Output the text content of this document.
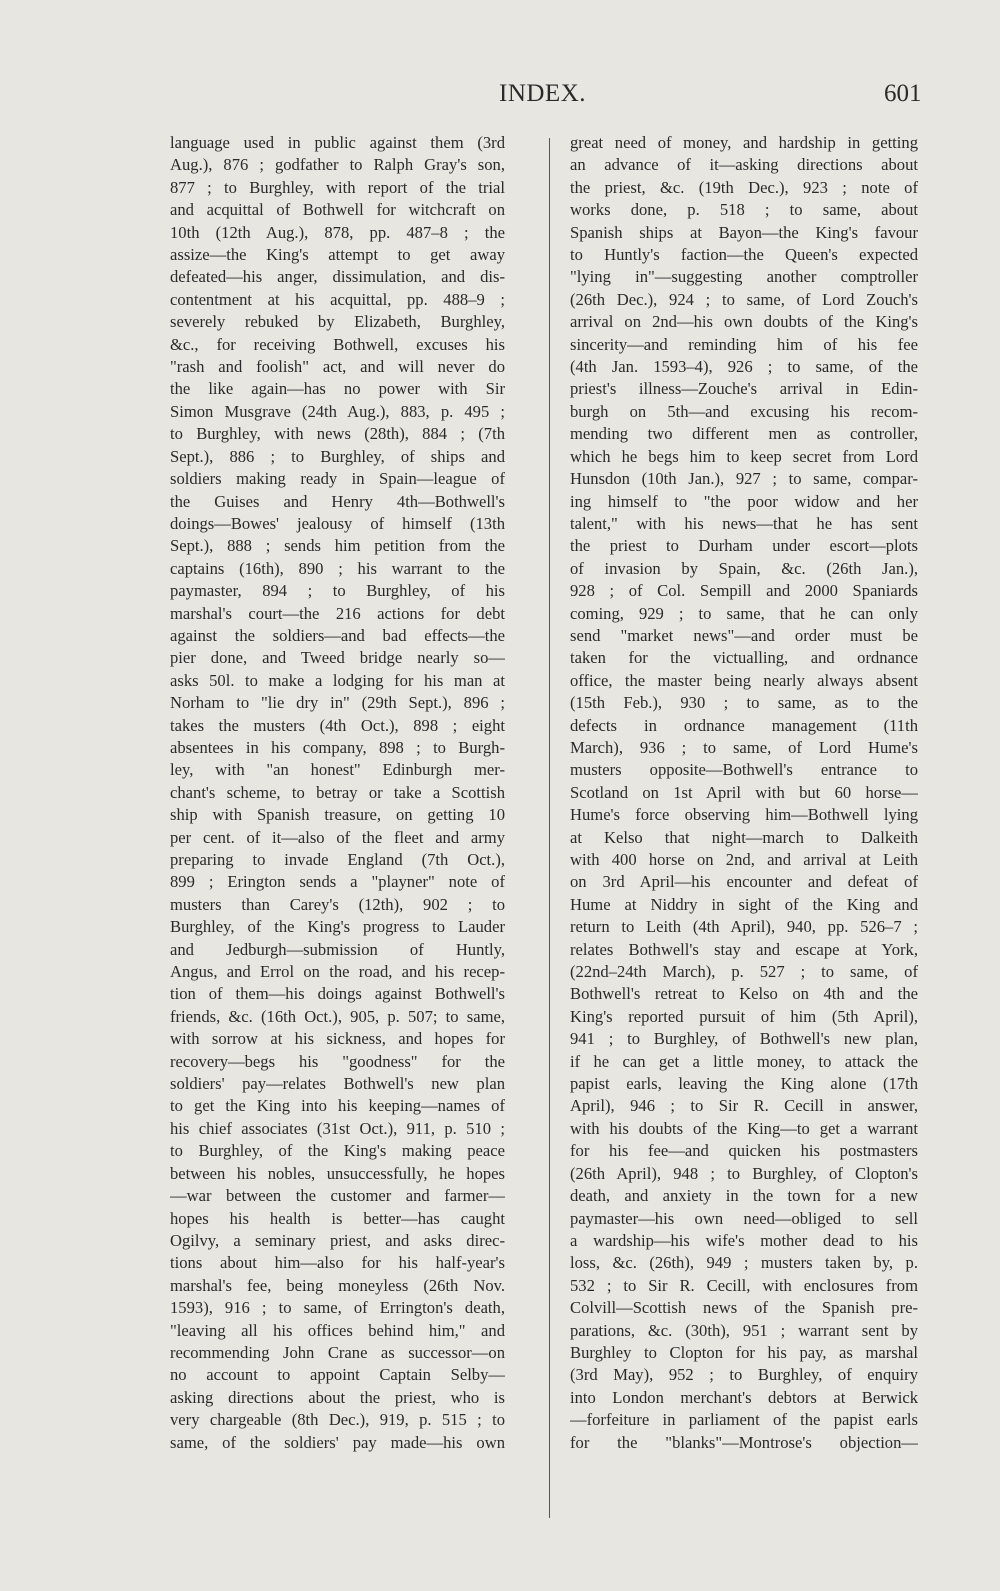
INDEX.	601
language used in public against them (3rd
Aug.), 876 ; godfather to Ralph Gray's son,
877 ; to Burghley, with report of the trial
and acquittal of Bothwell for witchcraft on
10th (12th Aug.), 878, pp. 487–8 ; the
assize—the King's attempt to get away
defeated—his anger, dissimulation, and dis-
contentment at his acquittal, pp. 488–9 ;
severely rebuked by Elizabeth, Burghley,
&c., for receiving Bothwell, excuses his
"rash and foolish" act, and will never do
the like again—has no power with Sir
Simon Musgrave (24th Aug.), 883, p. 495 ;
to Burghley, with news (28th), 884 ; (7th
Sept.), 886 ; to Burghley, of ships and
soldiers making ready in Spain—league of
the Guises and Henry 4th—Bothwell's
doings—Bowes' jealousy of himself (13th
Sept.), 888 ; sends him petition from the
captains (16th), 890 ; his warrant to the
paymaster, 894 ; to Burghley, of his
marshal's court—the 216 actions for debt
against the soldiers—and bad effects—the
pier done, and Tweed bridge nearly so—
asks 50l. to make a lodging for his man at
Norham to "lie dry in" (29th Sept.), 896 ;
takes the musters (4th Oct.), 898 ; eight
absentees in his company, 898 ; to Burgh-
ley, with "an honest" Edinburgh mer-
chant's scheme, to betray or take a Scottish
ship with Spanish treasure, on getting 10
per cent. of it—also of the fleet and army
preparing to invade England (7th Oct.),
899 ; Erington sends a "playner" note of
musters than Carey's (12th), 902 ; to
Burghley, of the King's progress to Lauder
and Jedburgh—submission of Huntly,
Angus, and Errol on the road, and his recep-
tion of them—his doings against Bothwell's
friends, &c. (16th Oct.), 905, p. 507; to same,
with sorrow at his sickness, and hopes for
recovery—begs his "goodness" for the
soldiers' pay—relates Bothwell's new plan
to get the King into his keeping—names of
his chief associates (31st Oct.), 911, p. 510 ;
to Burghley, of the King's making peace
between his nobles, unsuccessfully, he hopes
—war between the customer and farmer—
hopes his health is better—has caught
Ogilvy, a seminary priest, and asks direc-
tions about him—also for his half-year's
marshal's fee, being moneyless (26th Nov.
1593), 916 ; to same, of Errington's death,
"leaving all his offices behind him," and
recommending John Crane as successor—on
no account to appoint Captain Selby—
asking directions about the priest, who is
very chargeable (8th Dec.), 919, p. 515 ; to
same, of the soldiers' pay made—his own
great need of money, and hardship in getting
an advance of it—asking directions about
the priest, &c. (19th Dec.), 923 ; note of
works done, p. 518 ; to same, about
Spanish ships at Bayon—the King's favour
to Huntly's faction—the Queen's expected
"lying in"—suggesting another comptroller
(26th Dec.), 924 ; to same, of Lord Zouch's
arrival on 2nd—his own doubts of the King's
sincerity—and reminding him of his fee
(4th Jan. 1593–4), 926 ; to same, of the
priest's illness—Zouche's arrival in Edin-
burgh on 5th—and excusing his recom-
mending two different men as controller,
which he begs him to keep secret from Lord
Hunsdon (10th Jan.), 927 ; to same, compar-
ing himself to "the poor widow and her
talent," with his news—that he has sent
the priest to Durham under escort—plots
of invasion by Spain, &c. (26th Jan.),
928 ; of Col. Sempill and 2000 Spaniards
coming, 929 ; to same, that he can only
send "market news"—and order must be
taken for the victualling, and ordnance
office, the master being nearly always absent
(15th Feb.), 930 ; to same, as to the
defects in ordnance management (11th
March), 936 ; to same, of Lord Hume's
musters opposite—Bothwell's entrance to
Scotland on 1st April with but 60 horse—
Hume's force observing him—Bothwell lying
at Kelso that night—march to Dalkeith
with 400 horse on 2nd, and arrival at Leith
on 3rd April—his encounter and defeat of
Hume at Niddry in sight of the King and
return to Leith (4th April), 940, pp. 526–7 ;
relates Bothwell's stay and escape at York,
(22nd–24th March), p. 527 ; to same, of
Bothwell's retreat to Kelso on 4th and the
King's reported pursuit of him (5th April),
941 ; to Burghley, of Bothwell's new plan,
if he can get a little money, to attack the
papist earls, leaving the King alone (17th
April), 946 ; to Sir R. Cecill in answer,
with his doubts of the King—to get a warrant
for his fee—and quicken his postmasters
(26th April), 948 ; to Burghley, of Clopton's
death, and anxiety in the town for a new
paymaster—his own need—obliged to sell
a wardship—his wife's mother dead to his
loss, &c. (26th), 949 ; musters taken by, p.
532 ; to Sir R. Cecill, with enclosures from
Colvill—Scottish news of the Spanish pre-
parations, &c. (30th), 951 ; warrant sent by
Burghley to Clopton for his pay, as marshal
(3rd May), 952 ; to Burghley, of enquiry
into London merchant's debtors at Berwick
—forfeiture in parliament of the papist earls
for the "blanks"—Montrose's objection—
